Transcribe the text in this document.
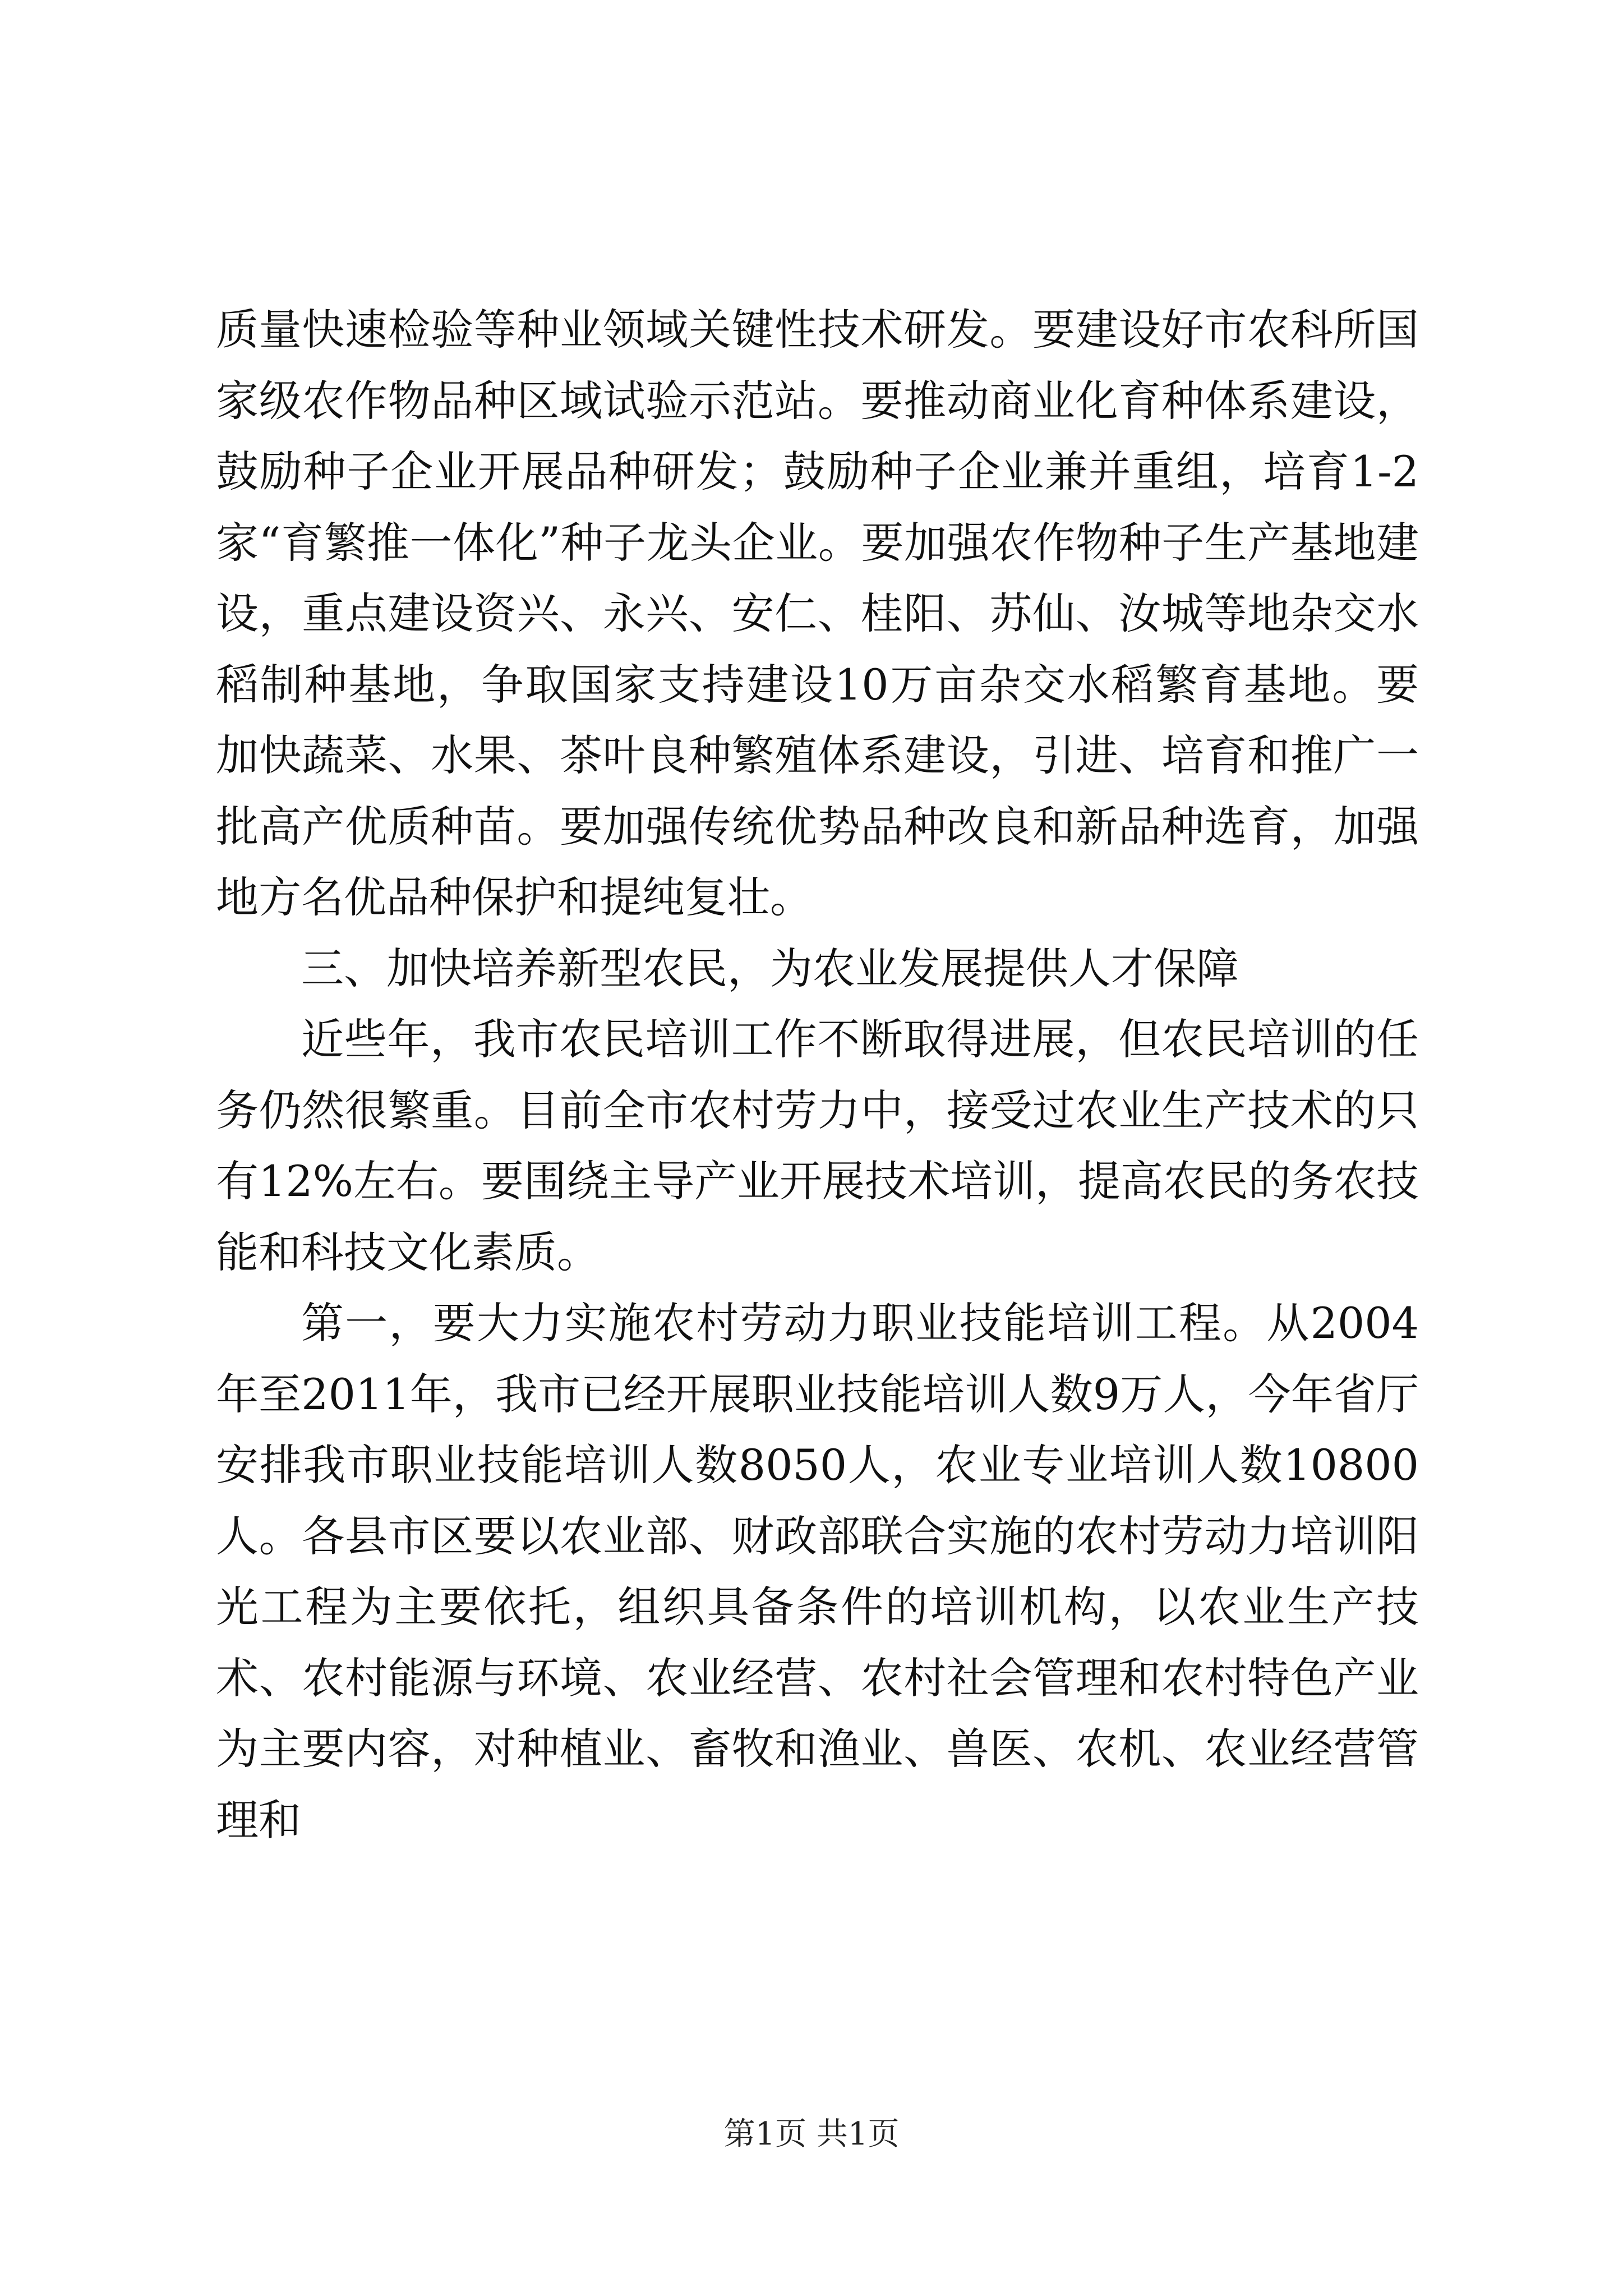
质量快速检验等种业领域关键性技术研发。要建设好市农科所国家级农作物品种区域试验示范站。要推动商业化育种体系建设，鼓励种子企业开展品种研发；鼓励种子企业兼并重组，培育1-2家“育繁推一体化”种子龙头企业。要加强农作物种子生产基地建设，重点建设资兴、永兴、安仁、桂阳、苏仙、汝城等地杂交水稻制种基地，争取国家支持建设10万亩杂交水稻繁育基地。要加快蔬菜、水果、茶叶良种繁殖体系建设，引进、培育和推广一批高产优质种苗。要加强传统优势品种改良和新品种选育，加强地方名优品种保护和提纯复壮。

三、加快培养新型农民，为农业发展提供人才保障

近些年，我市农民培训工作不断取得进展，但农民培训的任务仍然很繁重。目前全市农村劳力中，接受过农业生产技术的只有12%左右。要围绕主导产业开展技术培训，提高农民的务农技能和科技文化素质。

第一，要大力实施农村劳动力职业技能培训工程。从2004年至2011年，我市已经开展职业技能培训人数9万人，今年省厅安排我市职业技能培训人数8050人，农业专业培训人数10800人。各县市区要以农业部、财政部联合实施的农村劳动力培训阳光工程为主要依托，组织具备条件的培训机构，以农业生产技术、农村能源与环境、农业经营、农村社会管理和农村特色产业为主要内容，对种植业、畜牧和渔业、兽医、农机、农业经营管理和

第1页 共1页
